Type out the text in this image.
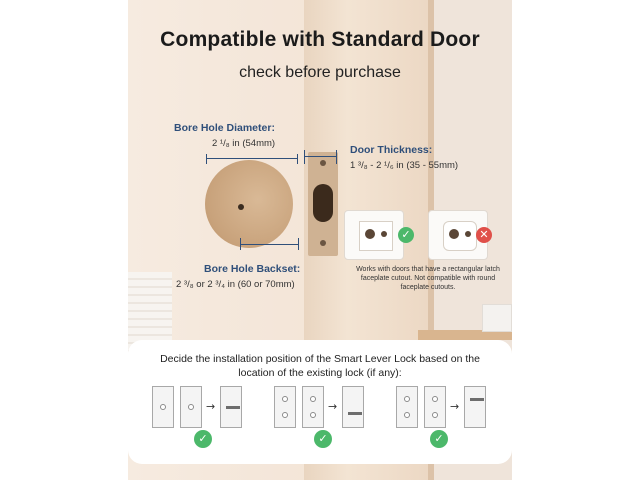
Compatible with Standard Door
check before purchase
Bore Hole Diameter:
2 ¹/₈ in (54mm)
Bore Hole Backset:
2 ³/₈ or 2 ³/₄ in (60 or 70mm)
Door Thickness:
1 ³/₈ - 2 ¹/₆ in (35 - 55mm)
✓	✕
Works with doors that have a rectangular latch faceplate cutout. Not compatible with round faceplate cutouts.
Decide the installation position of the Smart Lever Lock based on the location of the existing lock (if any):
→
✓
→
✓
→
✓
